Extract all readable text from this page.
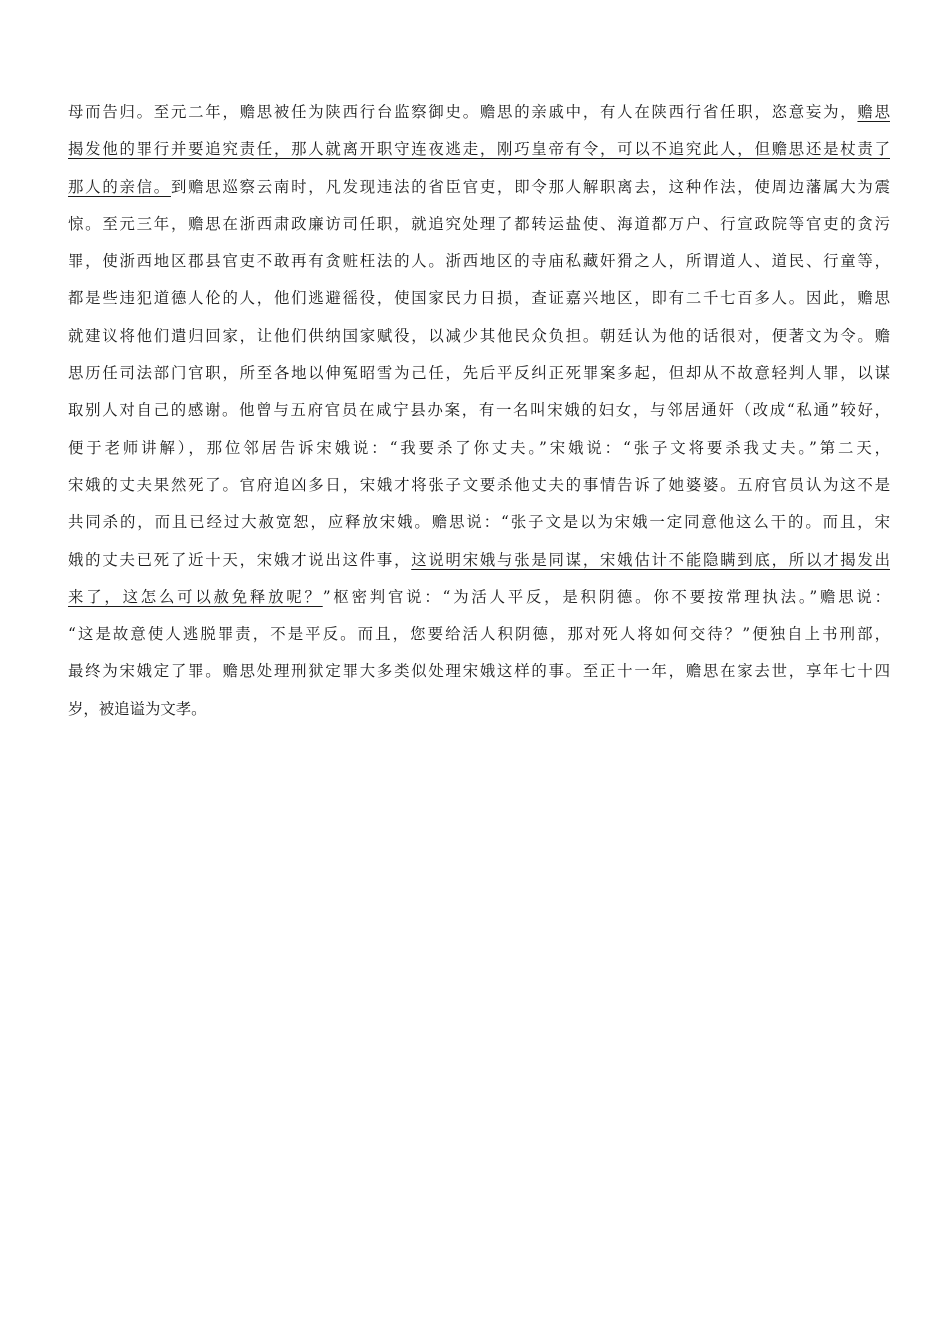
母而告归。至元二年，赡思被任为陕西行台监察御史。赡思的亲戚中，有人在陕西行省任职，恣意妄为，赡思
揭发他的罪行并要追究责任，那人就离开职守连夜逃走，刚巧皇帝有令，可以不追究此人，但赡思还是杖责了
那人的亲信。到赡思巡察云南时，凡发现违法的省臣官吏，即令那人解职离去，这种作法，使周边藩属大为震
惊。至元三年，赡思在浙西肃政廉访司任职，就追究处理了都转运盐使、海道都万户、行宣政院等官吏的贪污
罪，使浙西地区郡县官吏不敢再有贪赃枉法的人。浙西地区的寺庙私藏奸猾之人，所谓道人、道民、行童等，
都是些违犯道德人伦的人，他们逃避徭役，使国家民力日损，查证嘉兴地区，即有二千七百多人。因此，赡思
就建议将他们遣归回家，让他们供纳国家赋役，以减少其他民众负担。朝廷认为他的话很对，便著文为令。赡
思历任司法部门官职，所至各地以伸冤昭雪为己任，先后平反纠正死罪案多起，但却从不故意轻判人罪，以谋
取别人对自己的感谢。他曾与五府官员在咸宁县办案，有一名叫宋娥的妇女，与邻居通奸（改成“私通”较好，
便于老师讲解），那位邻居告诉宋娥说：“我要杀了你丈夫。”宋娥说：“张子文将要杀我丈夫。”第二天，
宋娥的丈夫果然死了。官府追凶多日，宋娥才将张子文要杀他丈夫的事情告诉了她婆婆。五府官员认为这不是
共同杀的，而且已经过大赦宽恕，应释放宋娥。赡思说：“张子文是以为宋娥一定同意他这么干的。而且，宋
娥的丈夫已死了近十天，宋娥才说出这件事，这说明宋娥与张是同谋，宋娥估计不能隐瞒到底，所以才揭发出
来了，这怎么可以赦免释放呢？”枢密判官说：“为活人平反，是积阴德。你不要按常理执法。”赡思说：
“这是故意使人逃脱罪责，不是平反。而且，您要给活人积阴德，那对死人将如何交待？”便独自上书刑部，
最终为宋娥定了罪。赡思处理刑狱定罪大多类似处理宋娥这样的事。至正十一年，赡思在家去世，享年七十四
岁，被追谥为文孝。
